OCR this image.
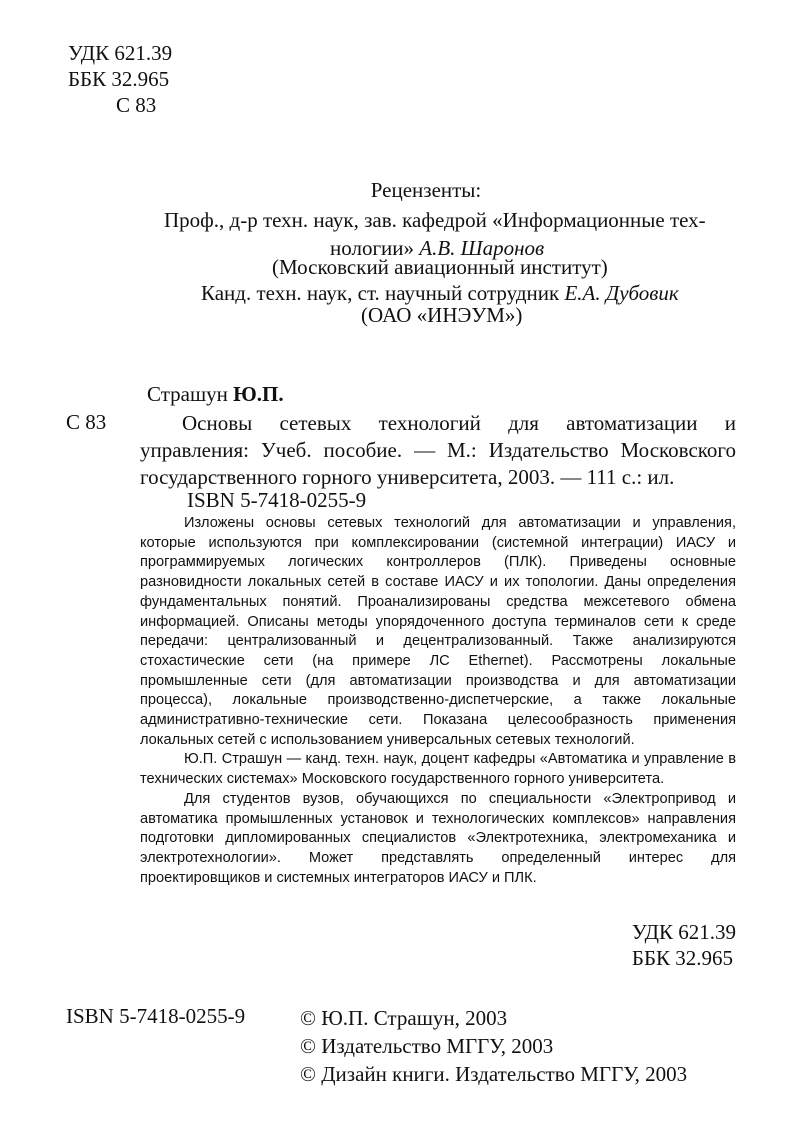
УДК 621.39
ББК 32.965
С 83
Рецензенты:
Проф., д-р техн. наук, зав. кафедрой «Информационные тех-
нологии» А.В. Шаронов
(Московский авиационный институт)
Канд. техн. наук, ст. научный сотрудник Е.А. Дубовик
(ОАО «ИНЭУМ»)
Страшун Ю.П.
С 83	Основы сетевых технологий для автоматизации и управления: Учеб. пособие. — М.: Издательство Московского государственного горного университета, 2003. — 111 с.: ил.
ISBN 5-7418-0255-9

Изложены основы сетевых технологий для автоматизации и управления, которые используются при комплексировании (системной интеграции) ИАСУ и программируемых логических контроллеров (ПЛК). Приведены основные разновидности локальных сетей в составе ИАСУ и их топологии. Даны определения фундаментальных понятий. Проанализированы средства межсетевого обмена информацией. Описаны методы упорядоченного доступа терминалов сети к среде передачи: централизованный и децентрализованный. Также анализируются стохастические сети (на примере ЛС Ethernet). Рассмотрены локальные промышленные сети (для автоматизации производства и для автоматизации процесса), локальные производственно-диспетчерские, а также локальные административно-технические сети. Показана целесообразность применения локальных сетей с использованием универсальных сетевых технологий.

Ю.П. Страшун — канд. техн. наук, доцент кафедры «Автоматика и управление в технических системах» Московского государственного горного университета.

Для студентов вузов, обучающихся по специальности «Электропривод и автоматика промышленных установок и технологических комплексов» направления подготовки дипломированных специалистов «Электротехника, электромеханика и электротехнологии». Может представлять определенный интерес для проектировщиков и системных интеграторов ИАСУ и ПЛК.

УДК 621.39
ББК 32.965
ISBN 5-7418-0255-9	© Ю.П. Страшун, 2003
© Издательство МГГУ, 2003
© Дизайн книги. Издательство МГГУ, 2003
